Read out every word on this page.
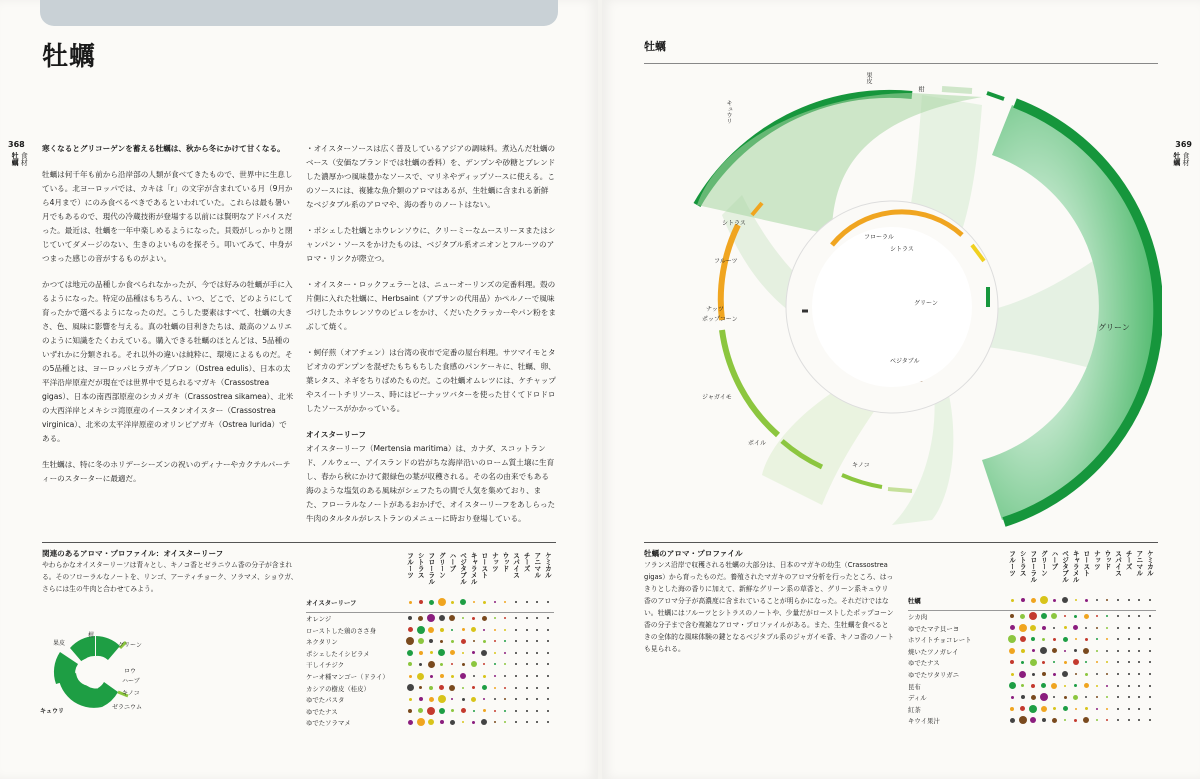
牡蠣
368
食材
牡蠣

寒くなるとグリコーゲンを蓄える牡蠣は、秋から冬にかけて甘くなる。

牡蠣は何千年も前から沿岸部の人類が食べてきたもので、世界中に生息している。北ヨーロッパでは、カキは「r」の文字が含まれている月（9月から4月まで）にのみ食べるべきであるといわれていた。これらは最も暑い月でもあるので、現代の冷蔵技術が登場する以前には賢明なアドバイスだった。最近は、牡蠣を一年中楽しめるようになった。貝殻がしっかりと閉じていてダメージのない、生きのよいものを探そう。叩いてみて、中身がつまった感じの音がするものがよい。

かつては地元の品種しか食べられなかったが、今では好みの牡蠣が手に入るようになった。特定の品種はもちろん、いつ、どこで、どのようにして育ったかで選べるようになったのだ。こうした要素はすべて、牡蠣の大きさ、色、風味に影響を与える。真の牡蠣の目利きたちは、最高のソムリエのように知識をたくわえている。購入できる牡蠣のほとんどは、5品種のいずれかに分類される。それ以外の違いは純粋に、環境によるものだ。その5品種とは、ヨーロッパヒラガキ／ブロン（Ostrea edulis）、日本の太平洋沿岸原産だが現在では世界中で見られるマガキ（Crassostrea gigas）、日本の南西部原産のシカメガキ（Crassostrea sikamea）、北米の大西洋岸とメキシコ湾原産のイースタンオイスター（Crassostrea virginica）、北米の太平洋岸原産のオリンピアガキ（Ostrea lurida）である。

生牡蠣は、特に冬のホリデーシーズンの祝いのディナーやカクテルパーティーのスターターに最適だ。

・オイスターソースは広く普及しているアジアの調味料。煮込んだ牡蠣のベース（安価なブランドでは牡蠣の香料）を、デンプンや砂糖とブレンドした濃厚かつ風味豊かなソースで、マリネやディップソースに使える。このソースには、複雑な魚介類のアロマはあるが、生牡蠣に含まれる新鮮なベジタブル系のアロマや、海の香りのノートはない。

・ポシェした牡蠣とホウレンソウに、クリーミーなムースリーヌまたはシャンパン・ソースをかけたものは、ベジタブル系オニオンとフルーツのアロマ・リンクが際立つ。

・オイスター・ロックフェラーとは、ニューオーリンズの定番料理。殻の片側に入れた牡蠣に、Herbsaint（アブサンの代用品）かペルノーで風味づけしたホウレンソウのピュレをかけ、くだいたクラッカーやパン粉をまぶして焼く。

・蚵仔煎（オアチェン）は台湾の夜市で定番の屋台料理。サツマイモとタピオカのデンプンを混ぜたもちもちした食感のパンケーキに、牡蠣、卵、葉レタス、ネギをちりばめたものだ。この牡蠣オムレツには、ケチャップやスイートチリソース、時にはピーナッツバターを使った甘くてドロドロしたソースがかかっている。

オイスターリーフ

オイスターリーフ（Mertensia maritima）は、カナダ、スコットランド、ノルウェー、アイスランドの岩がちな海岸沿いのローム質土壌に生育し、春から秋にかけて銀緑色の葉が収穫される。その名の由来でもある海のような塩気のある風味がシェフたちの間で人気を集めており、また、フローラルなノートがあるおかげで、オイスターリーフをあしらった牛肉のタルタルがレストランのメニューに時おり登場している。

関連のあるアロマ・プロファイル：オイスターリーフ
やわらかなオイスターリーフは青々とし、キノコ香とゼラニウム香の分子が含まれる。そのフローラルなノートを、リンゴ、アーティチョーク、ソラマメ、ショウガ、さらには生の牛肉と合わせてみよう。
果皮
柑
グリーン
ロウ
ハーブ
キノコ
ゼラニウム
キュウリ
フルーツ シトラス フローラル グリーン ハーブ ベジタブル キャラメル ロースト ナッツ ウッド スパイス チーズ アニマル ケミカル
オイスターリーフ
オレンジ
ローストした鶏のささ身
ネクタリン
ポシェしたイシビラメ
干しイチジク
ケーオ種マンゴー（ドライ）
カシアの樹皮（桂皮）
ゆでたパスタ
ゆでたナス
ゆでたソラマメ
牡蠣
369
食材
牡蠣
キュウリ
果皮
柑
グリーン
シトラス
フルーツ
ナッツ
ポップコーン
フローラル
シトラス
グリーン
ベジタブル
ジャガイモ
ボイル
キノコ
牡蠣のアロマ・プロファイル
フランス沿岸で収穫される牡蠣の大部分は、日本のマガキの幼生（Crassostrea gigas）から育ったものだ。養殖されたマガキのアロマ分析を行ったところ、はっきりとした海の香りに加えて、新鮮なグリーン系の草香と、グリーン系キュウリ香のアロマ分子が高濃度に含まれていることが明らかになった。それだけではない。牡蠣にはフルーツとシトラスのノートや、少量だがローストしたポップコーン香の分子まで含む複雑なアロマ・プロファイルがある。また、生牡蠣を食べるときの全体的な風味体験の鍵となるベジタブル系のジャガイモ香、キノコ香のノートも見られる。
フルーツ シトラス フローラル グリーン ハーブ ベジタブル キャラメル ロースト ナッツ ウッド スパイス チーズ アニマル ケミカル
牡蠣
シカ肉
ゆでたマテ貝ーヨ
ホワイトチョコレート
焼いたツノガレイ
ゆでたナス
ゆでたワタリガニ
昆布
ディル
紅茶
キウイ果汁
